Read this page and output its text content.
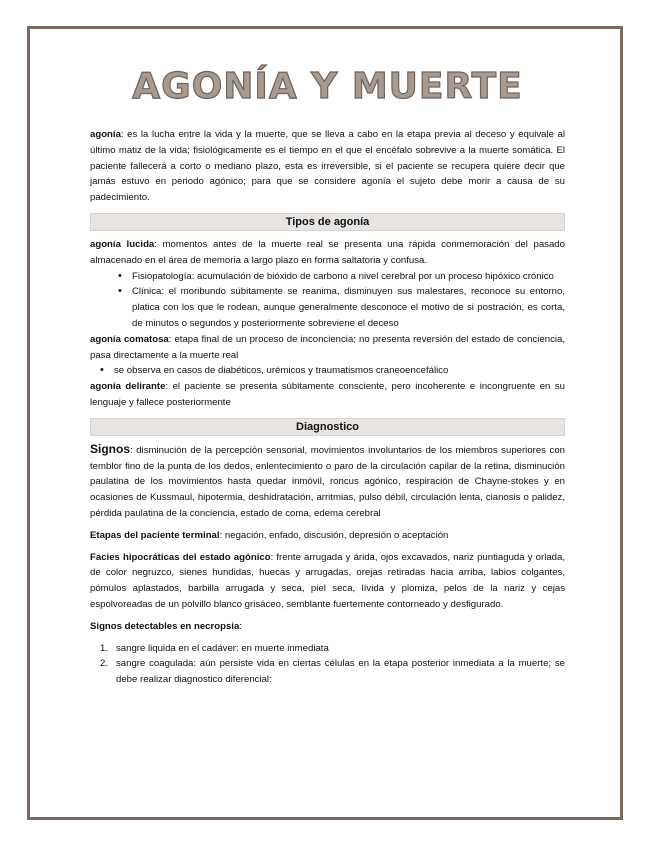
AGONÍA Y MUERTE

agonía: es la lucha entre la vida y la muerte, que se lleva a cabo en la etapa previa al deceso y equivale al último matiz de la vida; fisiológicamente es el tiempo en el que el encéfalo sobrevive a la muerte somática. El paciente fallecerá a corto o mediano plazo, esta es irreversible, si el paciente se recupera quiere decir que jamás estuvo en periodo agónico; para que se considere agonía el sujeto debe morir a causa de su padecimiento.

Tipos de agonía

agonía lucida: momentos antes de la muerte real se presenta una rápida conmemoración del pasado almacenado en el área de memoria a largo plazo en forma saltatoria y confusa.

• Fisiopatología: acumulación de bióxido de carbono a nivel cerebral por un proceso hipóxico crónico
• Clínica: el moribundo súbitamente se reanima, disminuyen sus malestares, reconoce su entorno, platica con los que le rodean, aunque generalmente desconoce el motivo de si postración, es corta, de minutos o segundos y posteriormente sobreviene el deceso

agonía comatosa: etapa final de un proceso de inconciencia; no presenta reversión del estado de conciencia, pasa directamente a la muerte real

• se observa en casos de diabéticos, urémicos y traumatismos craneoencefálico

agonía delirante: el paciente se presenta súbitamente consciente, pero incoherente e incongruente en su lenguaje y fallece posteriormente

Diagnostico

Signos: disminución de la percepción sensorial, movimientos involuntarios de los miembros superiores con temblor fino de la punta de los dedos, enlentecimiento o paro de la circulación capilar de la retina, disminución paulatina de los movimientos hasta quedar inmóvil, roncus agónico, respiración de Chayne-stokes y en ocasiones de Kussmaul, hipotermia, deshidratación, arritmias, pulso débil, circulación lenta, cianosis o palidez, pérdida paulatina de la conciencia, estado de coma, edema cerebral

Etapas del paciente terminal: negación, enfado, discusión, depresión o aceptación

Facies hipocráticas del estado agónico: frente arrugada y árida, ojos excavados, nariz puntiaguda y orlada, de color negruzco, sienes hundidas, huecas y arrugadas, orejas retiradas hacia arriba, labios colgantes, pómulos aplastados, barbilla arrugada y seca, piel seca, lívida y plomiza, pelos de la nariz y cejas espolvoreadas de un polvillo blanco grisáceo, semblante fuertemente contorneado y desfigurado.

Signos detectables en necropsia:

1. sangre liquida en el cadáver: en muerte inmediata
2. sangre coagulada: aún persiste vida en ciertas células en la etapa posterior inmediata a la muerte; se debe realizar diagnostico diferencial:
